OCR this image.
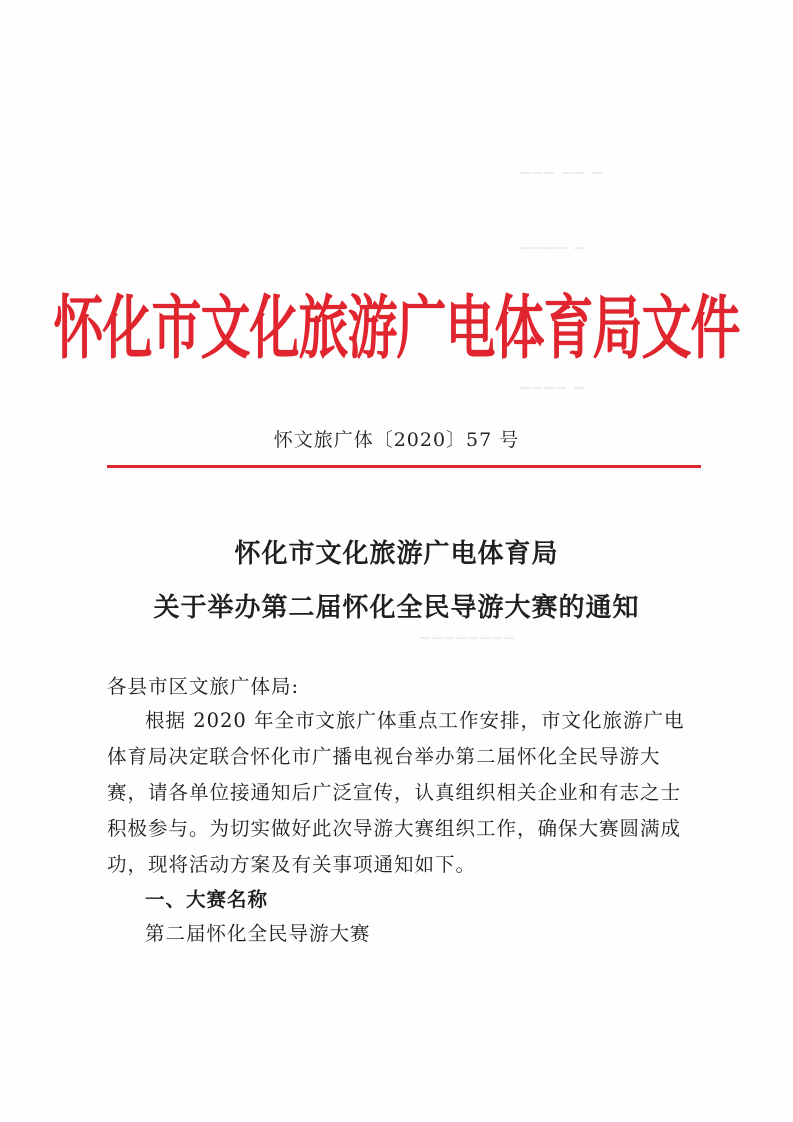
▁▁▁ ▁▁ ▁
▁▁▁▁ ▁
▁▁▁▁ ▁
▁▁▁▁▁▁▁▁
怀化市文化旅游广电体育局文件
怀文旅广体〔2020〕57 号
怀化市文化旅游广电体育局
关于举办第二届怀化全民导游大赛的通知
各县市区文旅广体局:
根据 2020 年全市文旅广体重点工作安排，市文化旅游广电
体育局决定联合怀化市广播电视台举办第二届怀化全民导游大
赛，请各单位接通知后广泛宣传，认真组织相关企业和有志之士
积极参与。为切实做好此次导游大赛组织工作，确保大赛圆满成
功，现将活动方案及有关事项通知如下。
一、大赛名称
第二届怀化全民导游大赛
